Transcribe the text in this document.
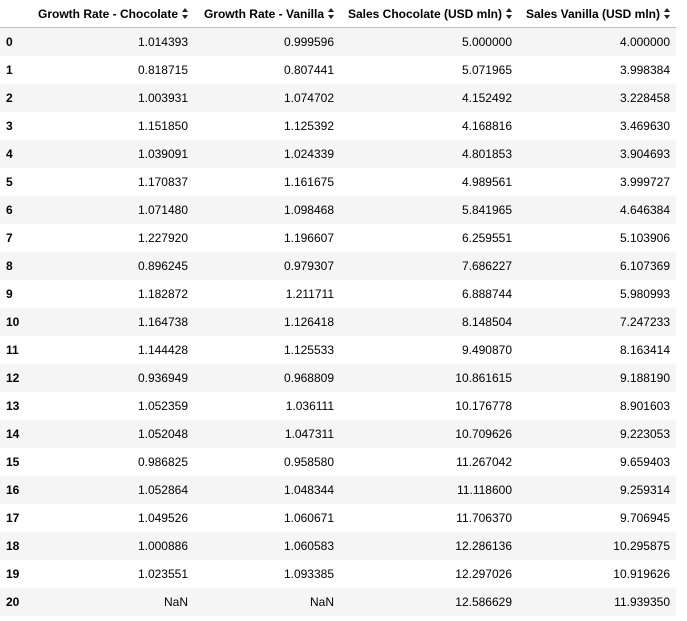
	Growth Rate - Chocolate	Growth Rate - Vanilla	Sales Chocolate (USD mln)	Sales Vanilla (USD mln)
0	1.014393	0.999596	5.000000	4.000000
1	0.818715	0.807441	5.071965	3.998384
2	1.003931	1.074702	4.152492	3.228458
3	1.151850	1.125392	4.168816	3.469630
4	1.039091	1.024339	4.801853	3.904693
5	1.170837	1.161675	4.989561	3.999727
6	1.071480	1.098468	5.841965	4.646384
7	1.227920	1.196607	6.259551	5.103906
8	0.896245	0.979307	7.686227	6.107369
9	1.182872	1.211711	6.888744	5.980993
10	1.164738	1.126418	8.148504	7.247233
11	1.144428	1.125533	9.490870	8.163414
12	0.936949	0.968809	10.861615	9.188190
13	1.052359	1.036111	10.176778	8.901603
14	1.052048	1.047311	10.709626	9.223053
15	0.986825	0.958580	11.267042	9.659403
16	1.052864	1.048344	11.118600	9.259314
17	1.049526	1.060671	11.706370	9.706945
18	1.000886	1.060583	12.286136	10.295875
19	1.023551	1.093385	12.297026	10.919626
20	NaN	NaN	12.586629	11.939350
